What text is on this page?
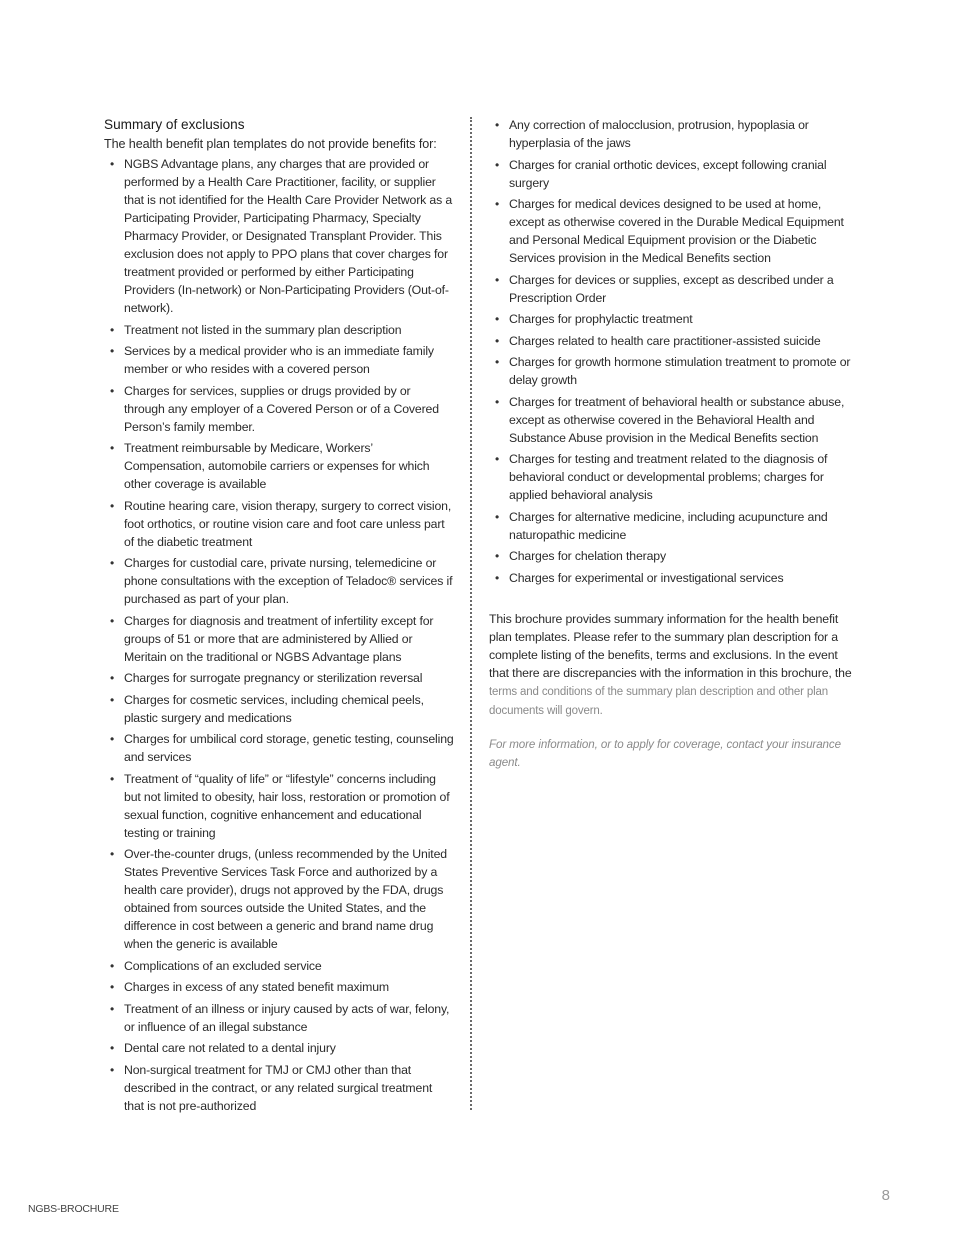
Summary of exclusions
The health benefit plan templates do not provide benefits for:
• NGBS Advantage plans, any charges that are provided or performed by a Health Care Practitioner, facility, or supplier that is not identified for the Health Care Provider Network as a Participating Provider, Participating Pharmacy, Specialty Pharmacy Provider, or Designated Transplant Provider. This exclusion does not apply to PPO plans that cover charges for treatment provided or performed by either Participating Providers (In-network) or Non-Participating Providers (Out-of-network).
• Treatment not listed in the summary plan description
• Services by a medical provider who is an immediate family member or who resides with a covered person
• Charges for services, supplies or drugs provided by or through any employer of a Covered Person or of a Covered Person’s family member.
• Treatment reimbursable by Medicare, Workers’ Compensation, automobile carriers or expenses for which other coverage is available
• Routine hearing care, vision therapy, surgery to correct vision, foot orthotics, or routine vision care and foot care unless part of the diabetic treatment
• Charges for custodial care, private nursing, telemedicine or phone consultations with the exception of Teladoc® services if purchased as part of your plan.
• Charges for diagnosis and treatment of infertility except for groups of 51 or more that are administered by Allied or Meritain on the traditional or NGBS Advantage plans
• Charges for surrogate pregnancy or sterilization reversal
• Charges for cosmetic services, including chemical peels, plastic surgery and medications
• Charges for umbilical cord storage, genetic testing, counseling and services
• Treatment of “quality of life” or “lifestyle” concerns including but not limited to obesity, hair loss, restoration or promotion of sexual function, cognitive enhancement and educational testing or training
• Over-the-counter drugs, (unless recommended by the United States Preventive Services Task Force and authorized by a health care provider), drugs not approved by the FDA, drugs obtained from sources outside the United States, and the difference in cost between a generic and brand name drug when the generic is available
• Complications of an excluded service
• Charges in excess of any stated benefit maximum
• Treatment of an illness or injury caused by acts of war, felony, or influence of an illegal substance
• Dental care not related to a dental injury
• Non-surgical treatment for TMJ or CMJ other than that described in the contract, or any related surgical treatment that is not pre-authorized
• Any correction of malocclusion, protrusion, hypoplasia or hyperplasia of the jaws
• Charges for cranial orthotic devices, except following cranial surgery
• Charges for medical devices designed to be used at home, except as otherwise covered in the Durable Medical Equipment and Personal Medical Equipment provision or the Diabetic Services provision in the Medical Benefits section
• Charges for devices or supplies, except as described under a Prescription Order
• Charges for prophylactic treatment
• Charges related to health care practitioner-assisted suicide
• Charges for growth hormone stimulation treatment to promote or delay growth
• Charges for treatment of behavioral health or substance abuse, except as otherwise covered in the Behavioral Health and Substance Abuse provision in the Medical Benefits section
• Charges for testing and treatment related to the diagnosis of behavioral conduct or developmental problems; charges for applied behavioral analysis
• Charges for alternative medicine, including acupuncture and naturopathic medicine
• Charges for chelation therapy
• Charges for experimental or investigational services
This brochure provides summary information for the health benefit plan templates. Please refer to the summary plan description for a complete listing of the benefits, terms and exclusions. In the event that there are discrepancies with the information in this brochure, the terms and conditions of the summary plan description and other plan documents will govern.
For more information, or to apply for coverage, contact your insurance agent.
NGBS-BROCHURE
8
